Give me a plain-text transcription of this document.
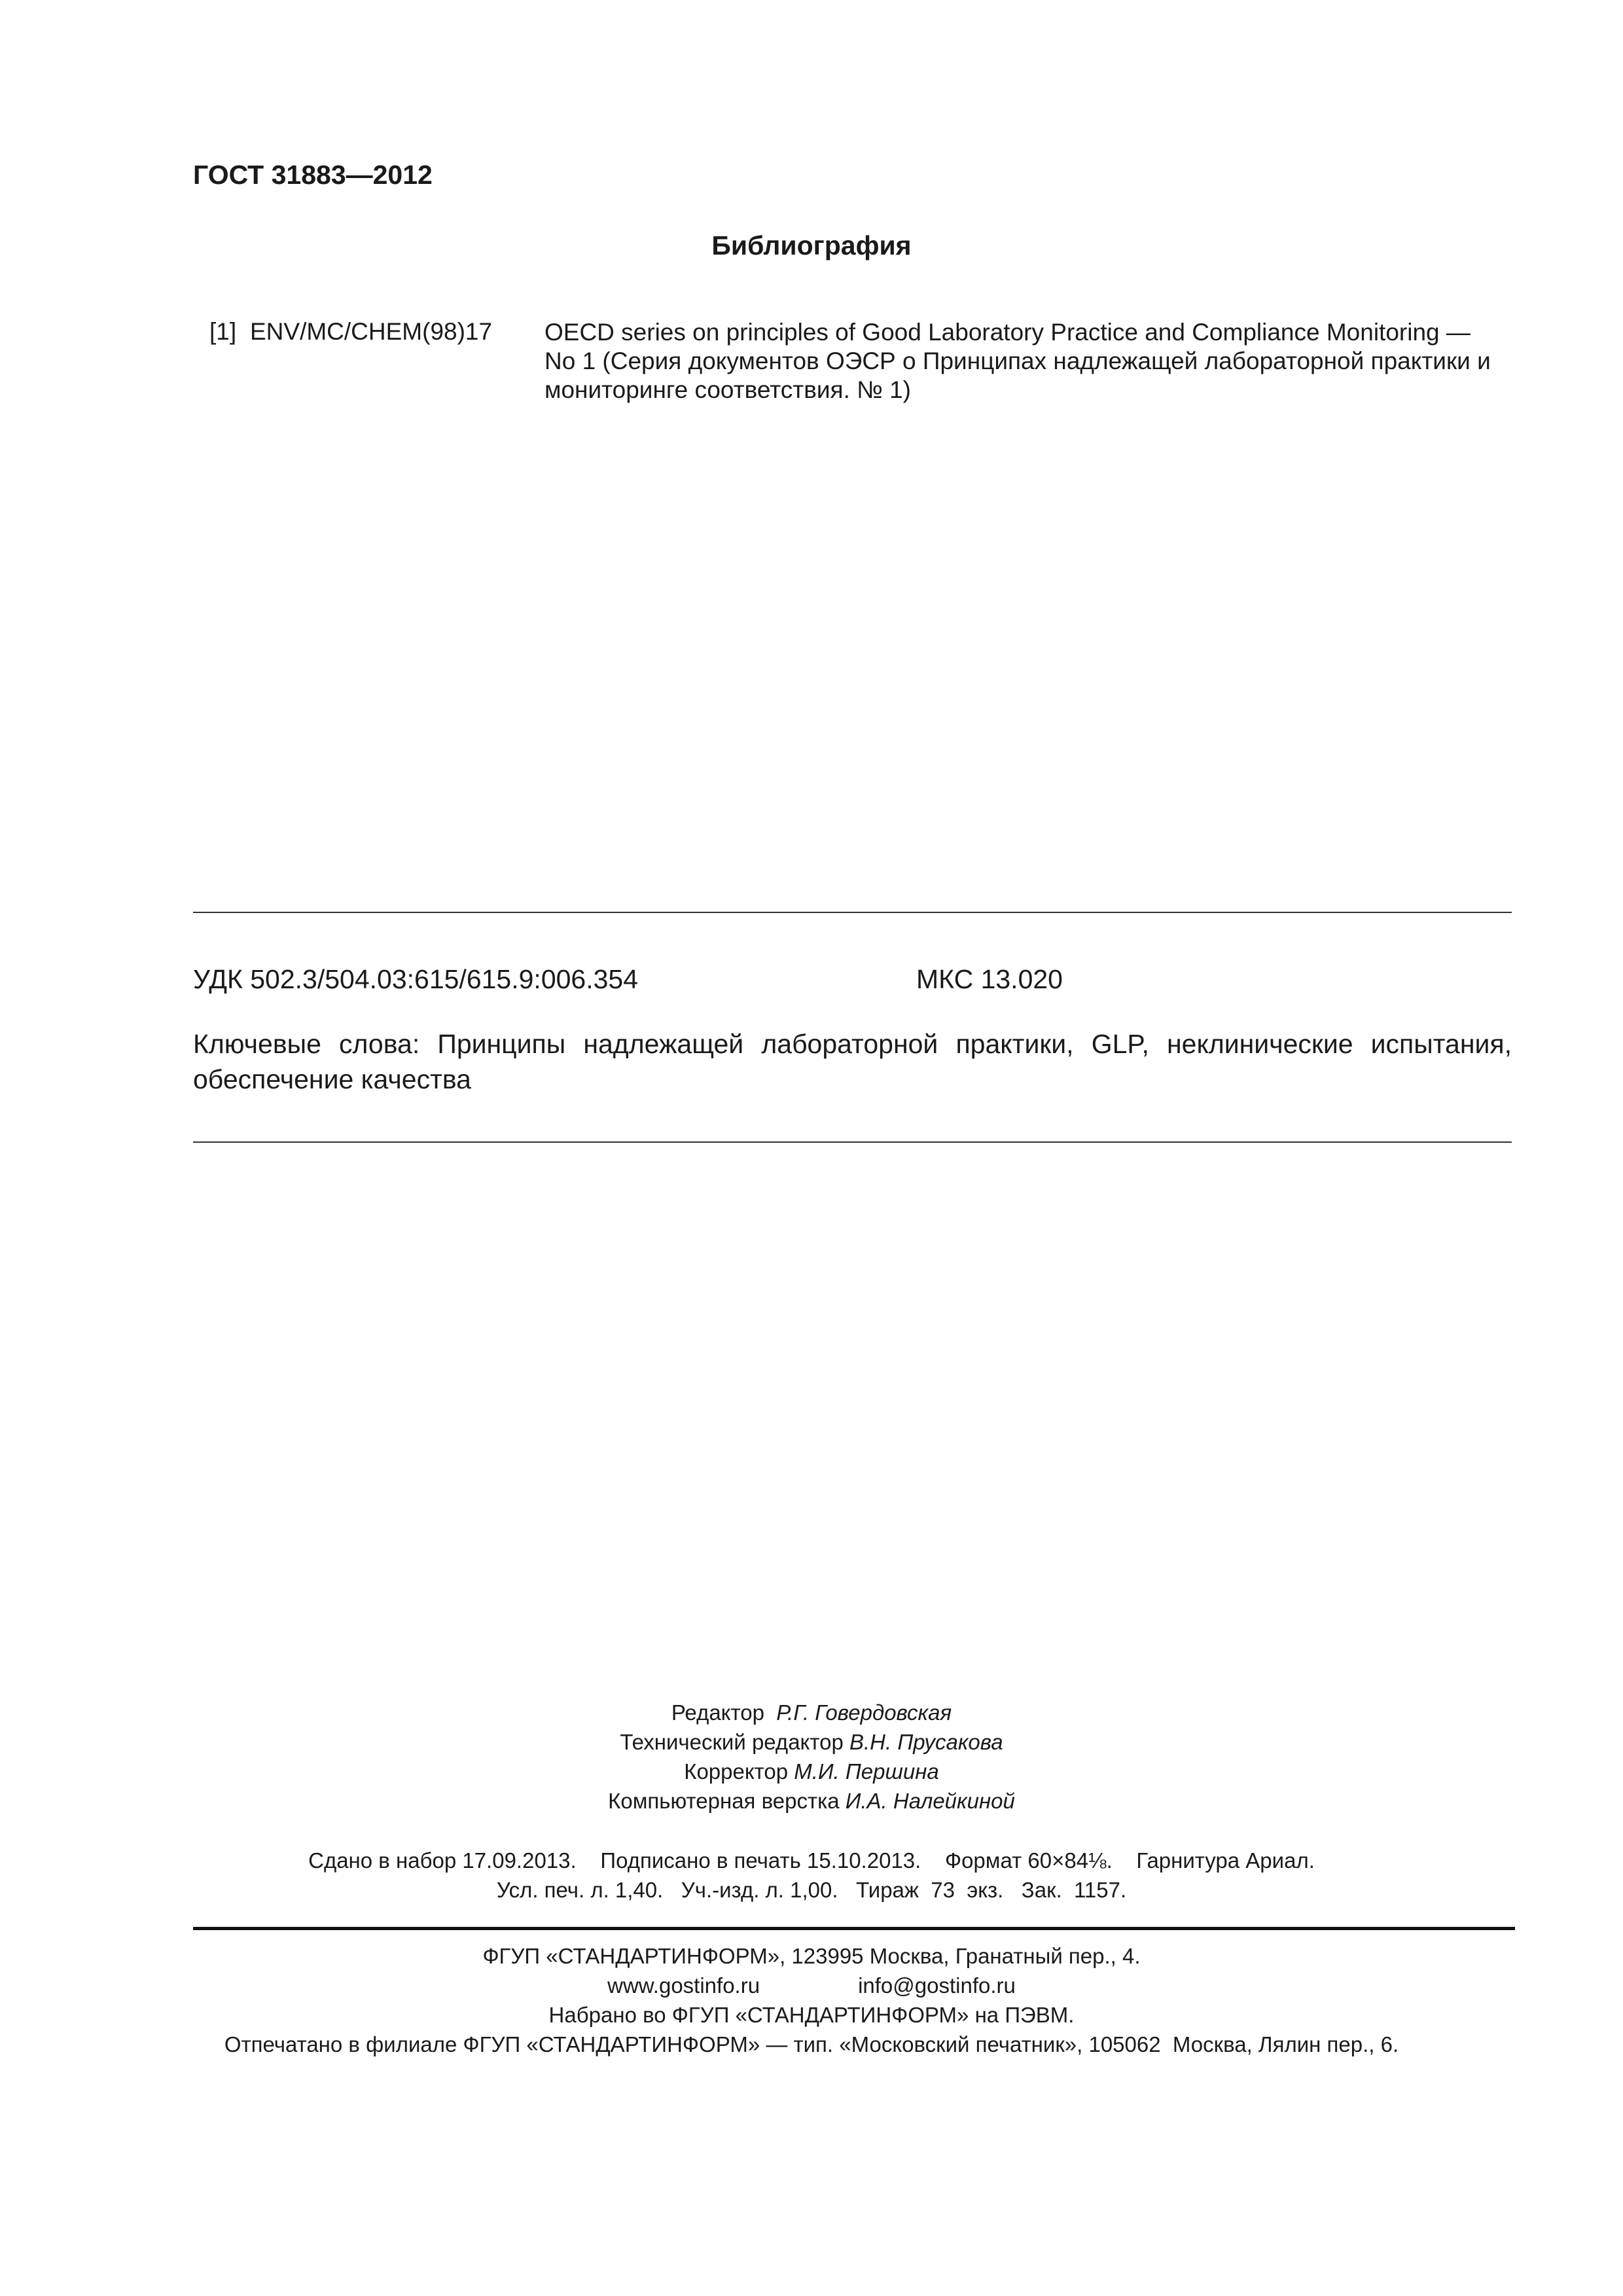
ГОСТ 31883—2012
Библиография
[1] ENV/MC/CHEM(98)17 OECD series on principles of Good Laboratory Practice and Compliance Monitoring — No 1 (Серия документов ОЭСР о Принципах надлежащей лабораторной практики и мониторинге соответствия. № 1)
УДК 502.3/504.03:615/615.9:006.354	МКС 13.020
Ключевые слова: Принципы надлежащей лабораторной практики, GLP, неклинические испытания, обеспечение качества
Редактор Р.Г. Говердовская
Технический редактор В.Н. Прусакова
Корректор М.И. Першина
Компьютерная верстка И.А. Налейкиной
Сдано в набор 17.09.2013.    Подписано в печать 15.10.2013.    Формат 60×84⅛.    Гарнитура Ариал.
Усл. печ. л. 1,40.   Уч.-изд. л. 1,00.   Тираж  73  экз.   Зак.  1157.
ФГУП «СТАНДАРТИНФОРМ», 123995 Москва, Гранатный пер., 4.
www.gostinfo.ru	info@gostinfo.ru
Набрано во ФГУП «СТАНДАРТИНФОРМ» на ПЭВМ.
Отпечатано в филиале ФГУП «СТАНДАРТИНФОРМ» — тип. «Московский печатник», 105062  Москва, Лялин пер., 6.
